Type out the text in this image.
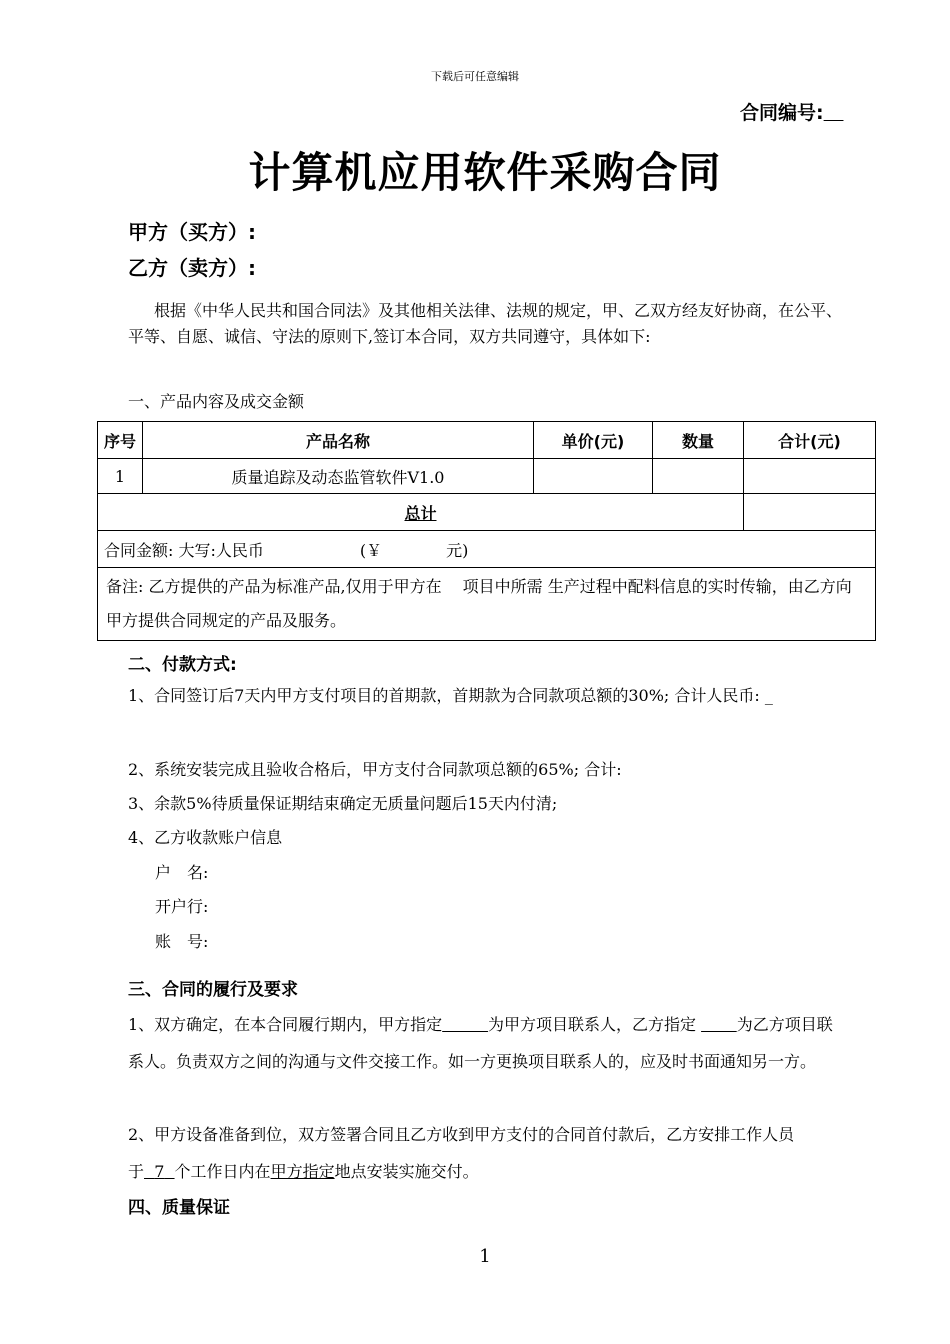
下载后可任意编辑
合同编号:
计算机应用软件采购合同
甲方（买方）:
乙方（卖方）:
根据《中华人民共和国合同法》及其他相关法律、法规的规定，甲、乙双方经友好协商，在公平、平等、自愿、诚信、守法的原则下,签订本合同，双方共同遵守，具体如下:
一、产品内容及成交金额
序号	产品名称	单价(元)	数量	合计(元)
1	质量追踪及动态监管软件V1.0			
总计				
合同金额: 大写:人民币　　　　　　(￥　　　　元)				
备注: 乙方提供的产品为标准产品,仅用于甲方在　 项目中所需 生产过程中配料信息的实时传输，由乙方向甲方提供合同规定的产品及服务。				
二、付款方式:
1、合同签订后7天内甲方支付项目的首期款，首期款为合同款项总额的30%; 合计人民币: _
2、系统安装完成且验收合格后，甲方支付合同款项总额的65%; 合计:
3、余款5%待质量保证期结束确定无质量问题后15天内付清;
4、乙方收款账户信息
户　名:
开户行:
账　号:
三、合同的履行及要求
1、双方确定，在本合同履行期内，甲方指定	为甲方项目联系人，乙方指定	为乙方项目联系人。负责双方之间的沟通与文件交接工作。如一方更换项目联系人的，应及时书面通知另一方。
2、甲方设备准备到位，双方签署合同且乙方收到甲方支付的合同首付款后，乙方安排工作人员于 7 个工作日内在甲方指定地点安装实施交付。
四、质量保证
1
